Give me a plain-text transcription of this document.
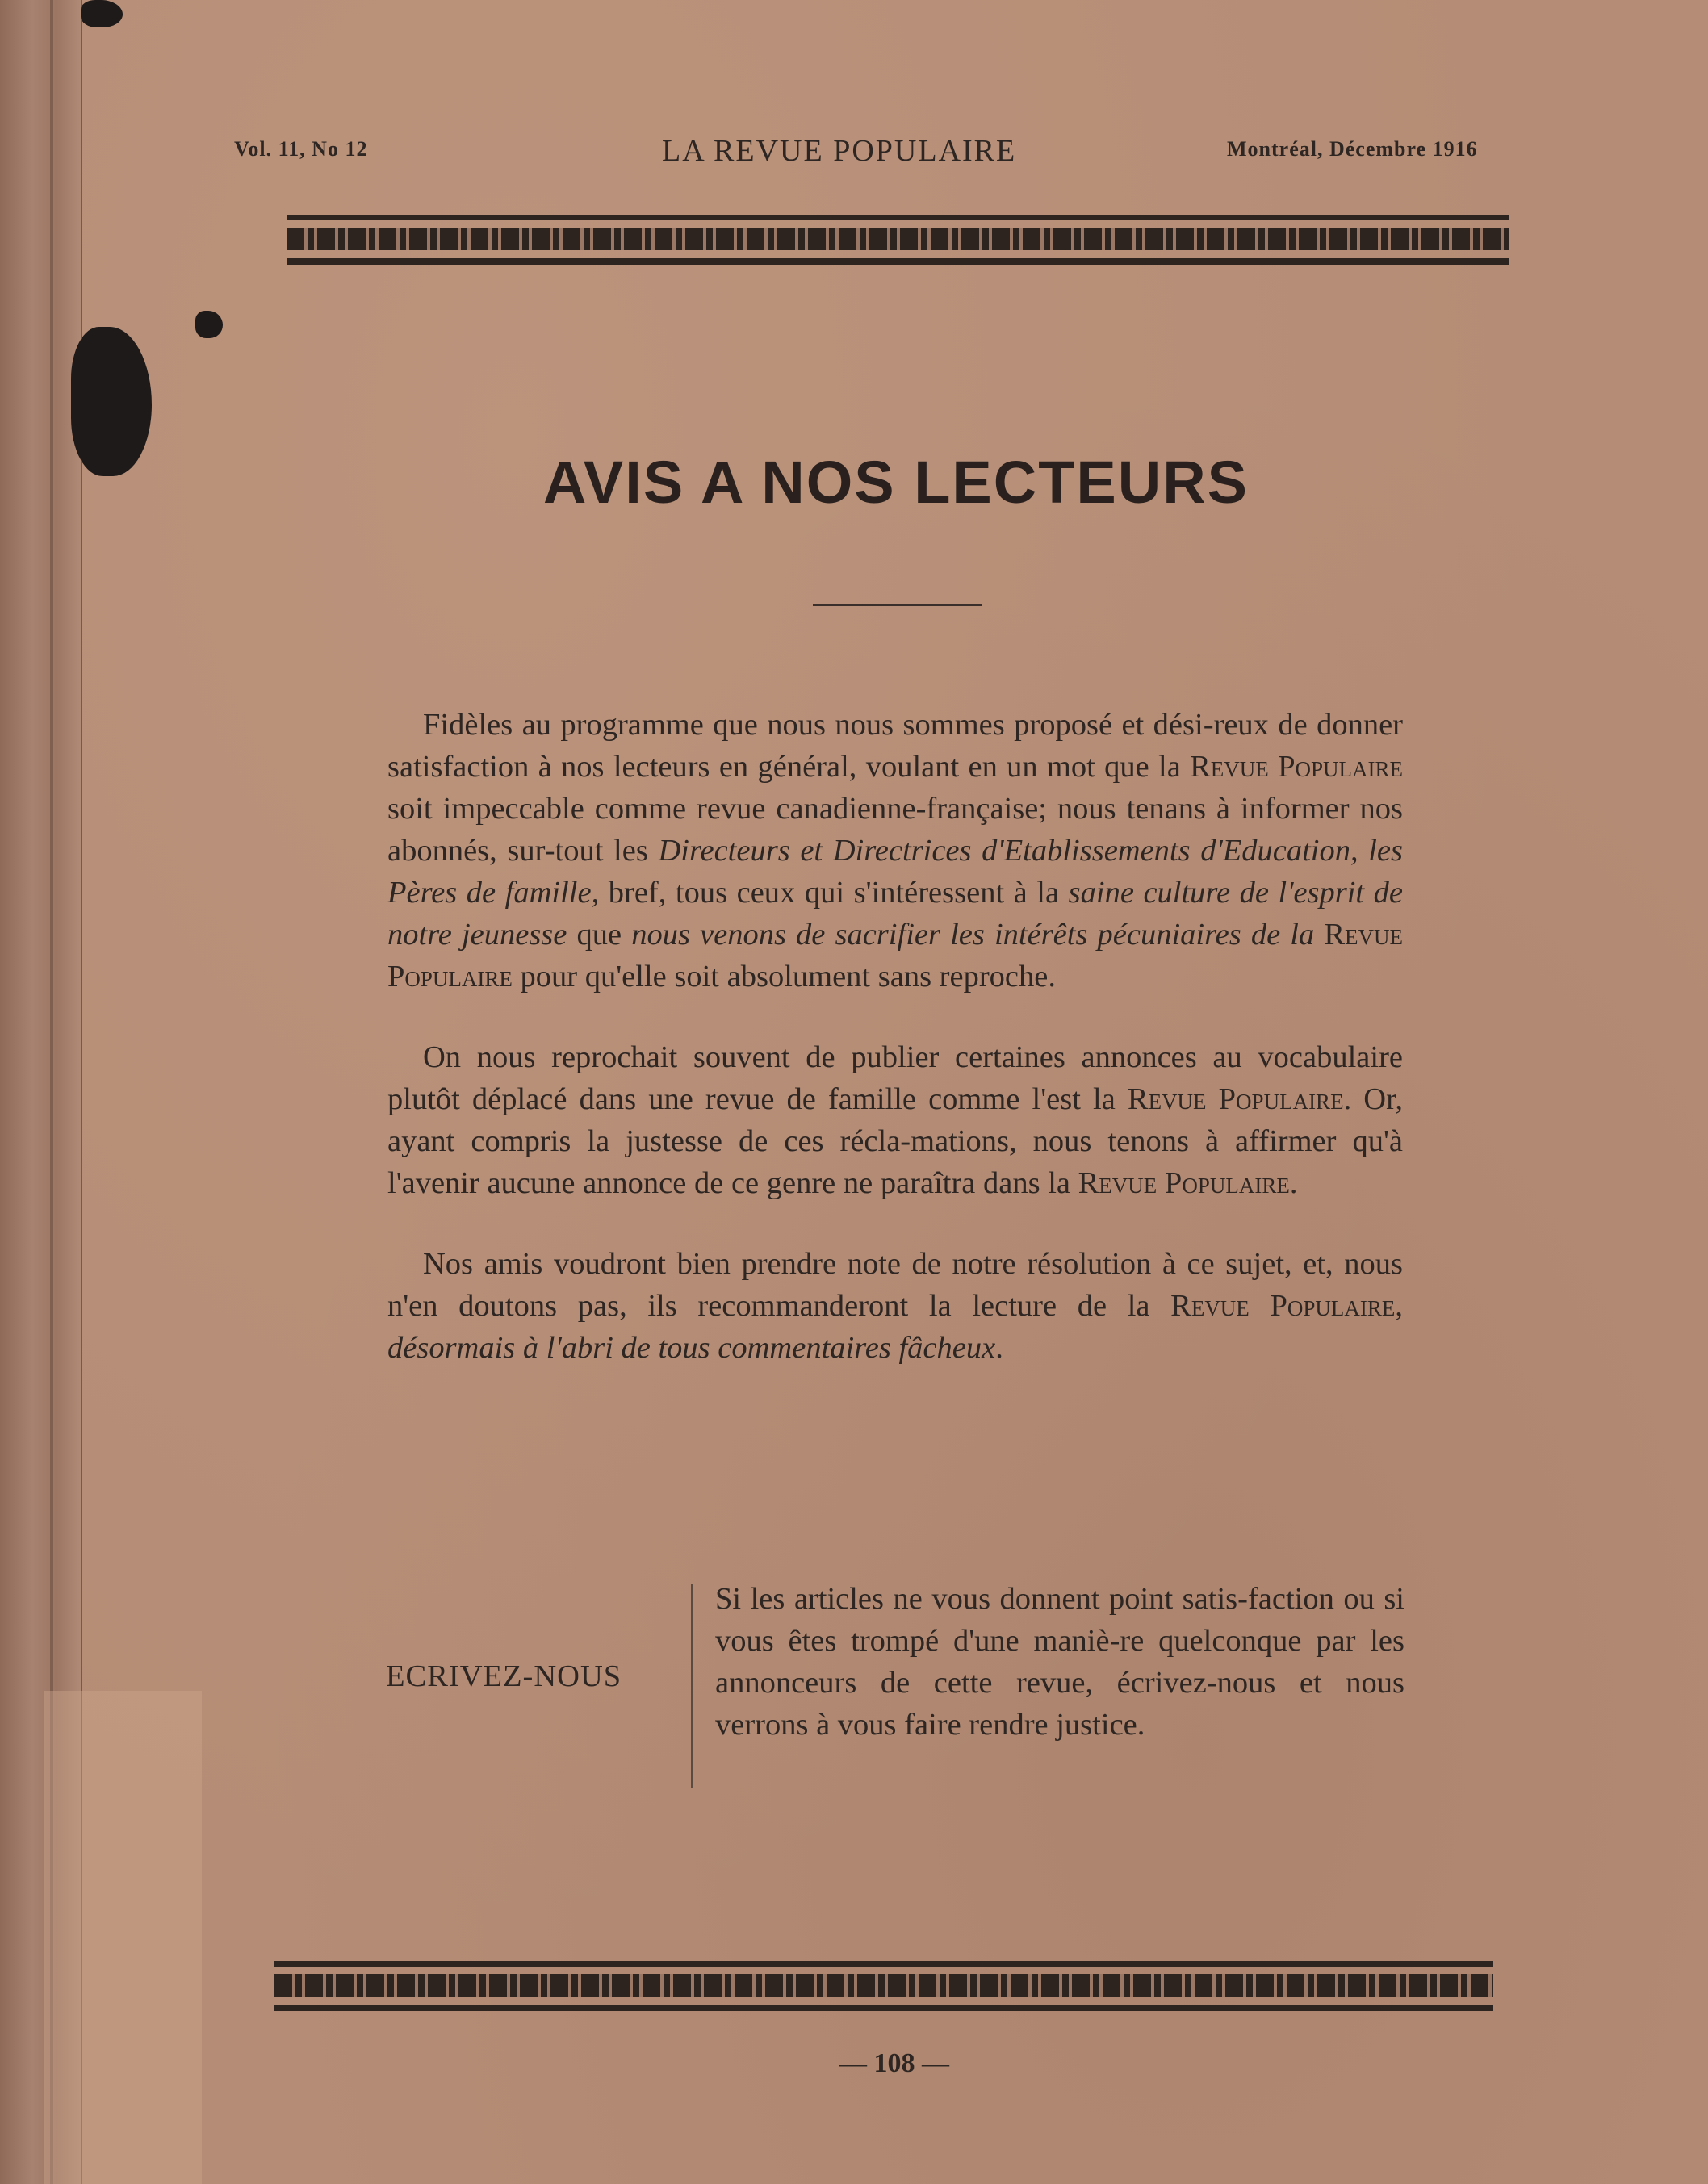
Vol. 11, No 12	LA REVUE POPULAIRE	Montréal, Décembre 1916
AVIS A NOS LECTEURS

Fidèles au programme que nous nous sommes proposé et dési-reux de donner satisfaction à nos lecteurs en général, voulant en un mot que la Revue Populaire soit impeccable comme revue canadienne-française; nous tenans à informer nos abonnés, sur-tout les Directeurs et Directrices d'Etablissements d'Education, les Pères de famille, bref, tous ceux qui s'intéressent à la saine culture de l'esprit de notre jeunesse que nous venons de sacrifier les intérêts pécuniaires de la Revue Populaire pour qu'elle soit absolument sans reproche.

On nous reprochait souvent de publier certaines annonces au vocabulaire plutôt déplacé dans une revue de famille comme l'est la Revue Populaire. Or, ayant compris la justesse de ces récla-mations, nous tenons à affirmer qu'à l'avenir aucune annonce de ce genre ne paraîtra dans la Revue Populaire.

Nos amis voudront bien prendre note de notre résolution à ce sujet, et, nous n'en doutons pas, ils recommanderont la lecture de la Revue Populaire, désormais à l'abri de tous commentaires fâcheux.

ECRIVEZ-NOUS
Si les articles ne vous donnent point satis-faction ou si vous êtes trompé d'une maniè-re quelconque par les annonceurs de cette revue, écrivez-nous et nous verrons à vous faire rendre justice.
— 108 —
